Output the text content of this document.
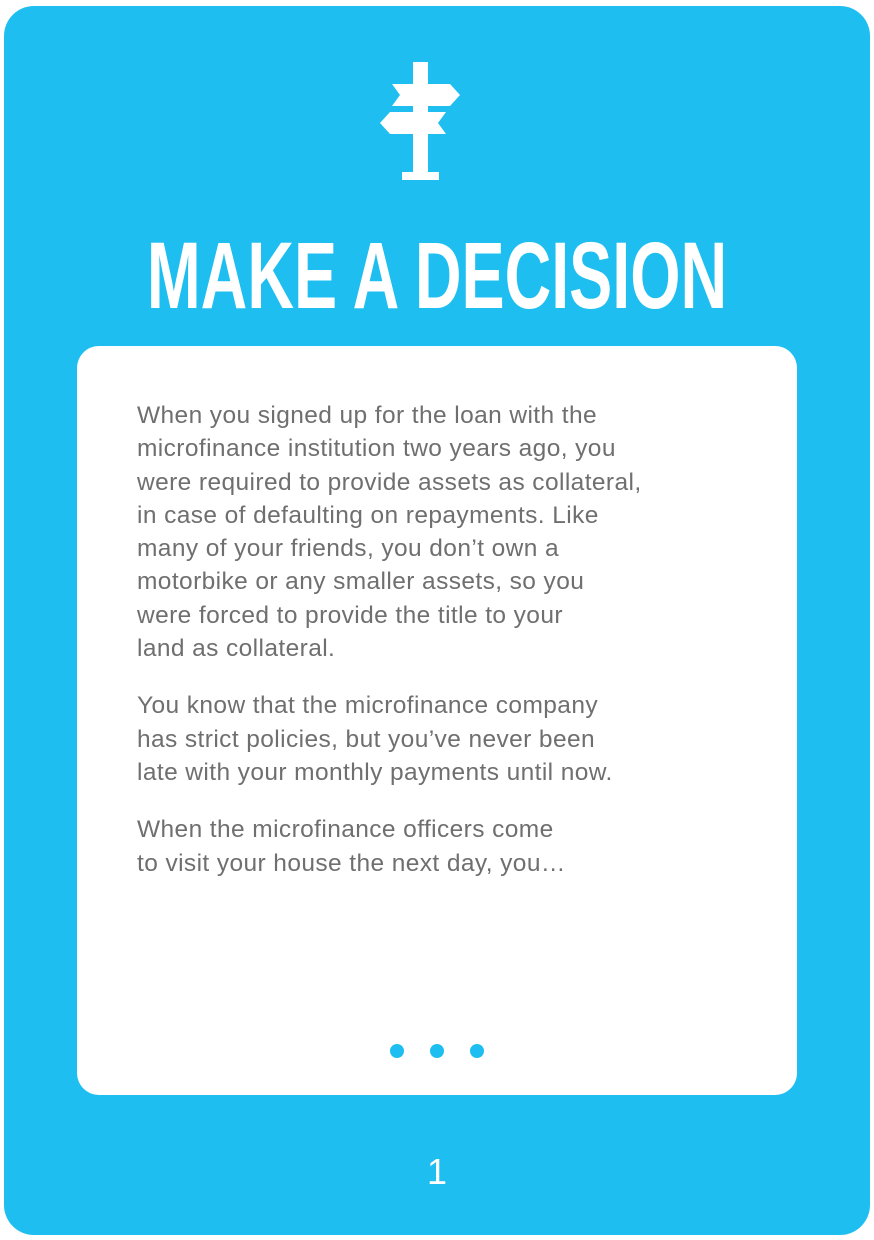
MAKE A DECISION

When you signed up for the loan with the
microfinance institution two years ago, you
were required to provide assets as collateral,
in case of defaulting on repayments. Like
many of your friends, you don’t own a
motorbike or any smaller assets, so you
were forced to provide the title to your
land as collateral.

You know that the microfinance company
has strict policies, but you’ve never been
late with your monthly payments until now.

When the microfinance officers come
to visit your house the next day, you…

1
